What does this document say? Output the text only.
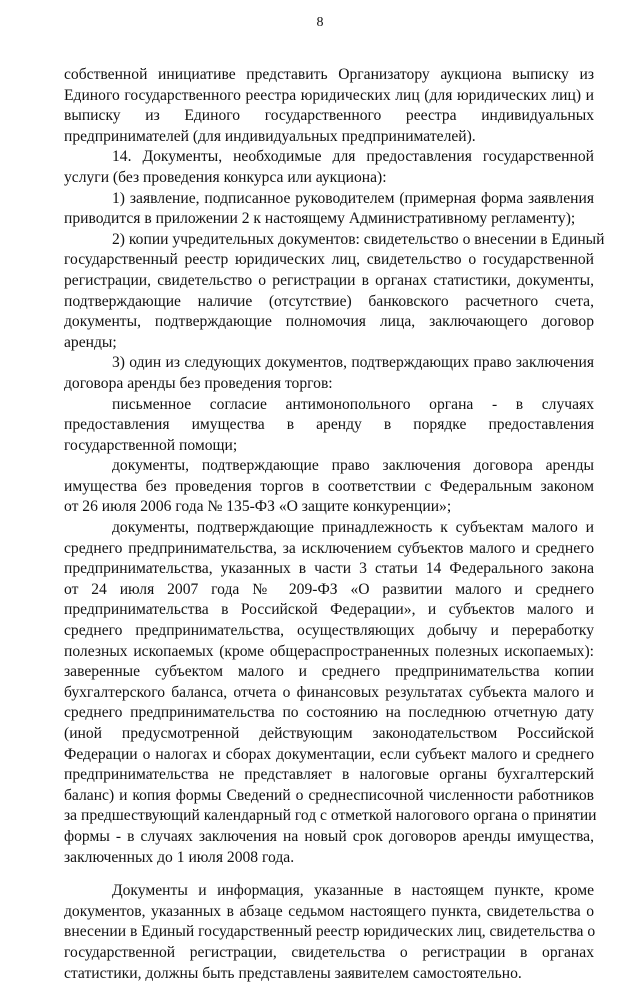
8
собственной инициативе представить Организатору аукциона выписку из
Единого государственного реестра юридических лиц (для юридических лиц) и
выписку из Единого государственного реестра индивидуальных
предпринимателей (для индивидуальных предпринимателей).
14. Документы, необходимые для предоставления государственной
услуги (без проведения конкурса или аукциона):
1) заявление, подписанное руководителем (примерная форма заявления
приводится в приложении 2 к настоящему Административному регламенту);
2) копии учредительных документов: свидетельство о внесении в Единый
государственный реестр юридических лиц, свидетельство о государственной
регистрации, свидетельство о регистрации в органах статистики, документы,
подтверждающие наличие (отсутствие) банковского расчетного счета,
документы, подтверждающие полномочия лица, заключающего договор
аренды;
3) один из следующих документов, подтверждающих право заключения
договора аренды без проведения торгов:
письменное согласие антимонопольного органа - в случаях
предоставления имущества в аренду в порядке предоставления
государственной помощи;
документы, подтверждающие право заключения договора аренды
имущества без проведения торгов в соответствии с Федеральным законом
от 26 июля 2006 года № 135-ФЗ «О защите конкуренции»;
документы, подтверждающие принадлежность к субъектам малого и
среднего предпринимательства, за исключением субъектов малого и среднего
предпринимательства, указанных в части 3 статьи 14 Федерального закона
от 24 июля 2007 года № 209-ФЗ «О развитии малого и среднего
предпринимательства в Российской Федерации», и субъектов малого и
среднего предпринимательства, осуществляющих добычу и переработку
полезных ископаемых (кроме общераспространенных полезных ископаемых):
заверенные субъектом малого и среднего предпринимательства копии
бухгалтерского баланса, отчета о финансовых результатах субъекта малого и
среднего предпринимательства по состоянию на последнюю отчетную дату
(иной предусмотренной действующим законодательством Российской
Федерации о налогах и сборах документации, если субъект малого и среднего
предпринимательства не представляет в налоговые органы бухгалтерский
баланс) и копия формы Сведений о среднесписочной численности работников
за предшествующий календарный год с отметкой налогового органа о принятии
формы - в случаях заключения на новый срок договоров аренды имущества,
заключенных до 1 июля 2008 года.
Документы и информация, указанные в настоящем пункте, кроме
документов, указанных в абзаце седьмом настоящего пункта, свидетельства о
внесении в Единый государственный реестр юридических лиц, свидетельства о
государственной регистрации, свидетельства о регистрации в органах
статистики, должны быть представлены заявителем самостоятельно.
